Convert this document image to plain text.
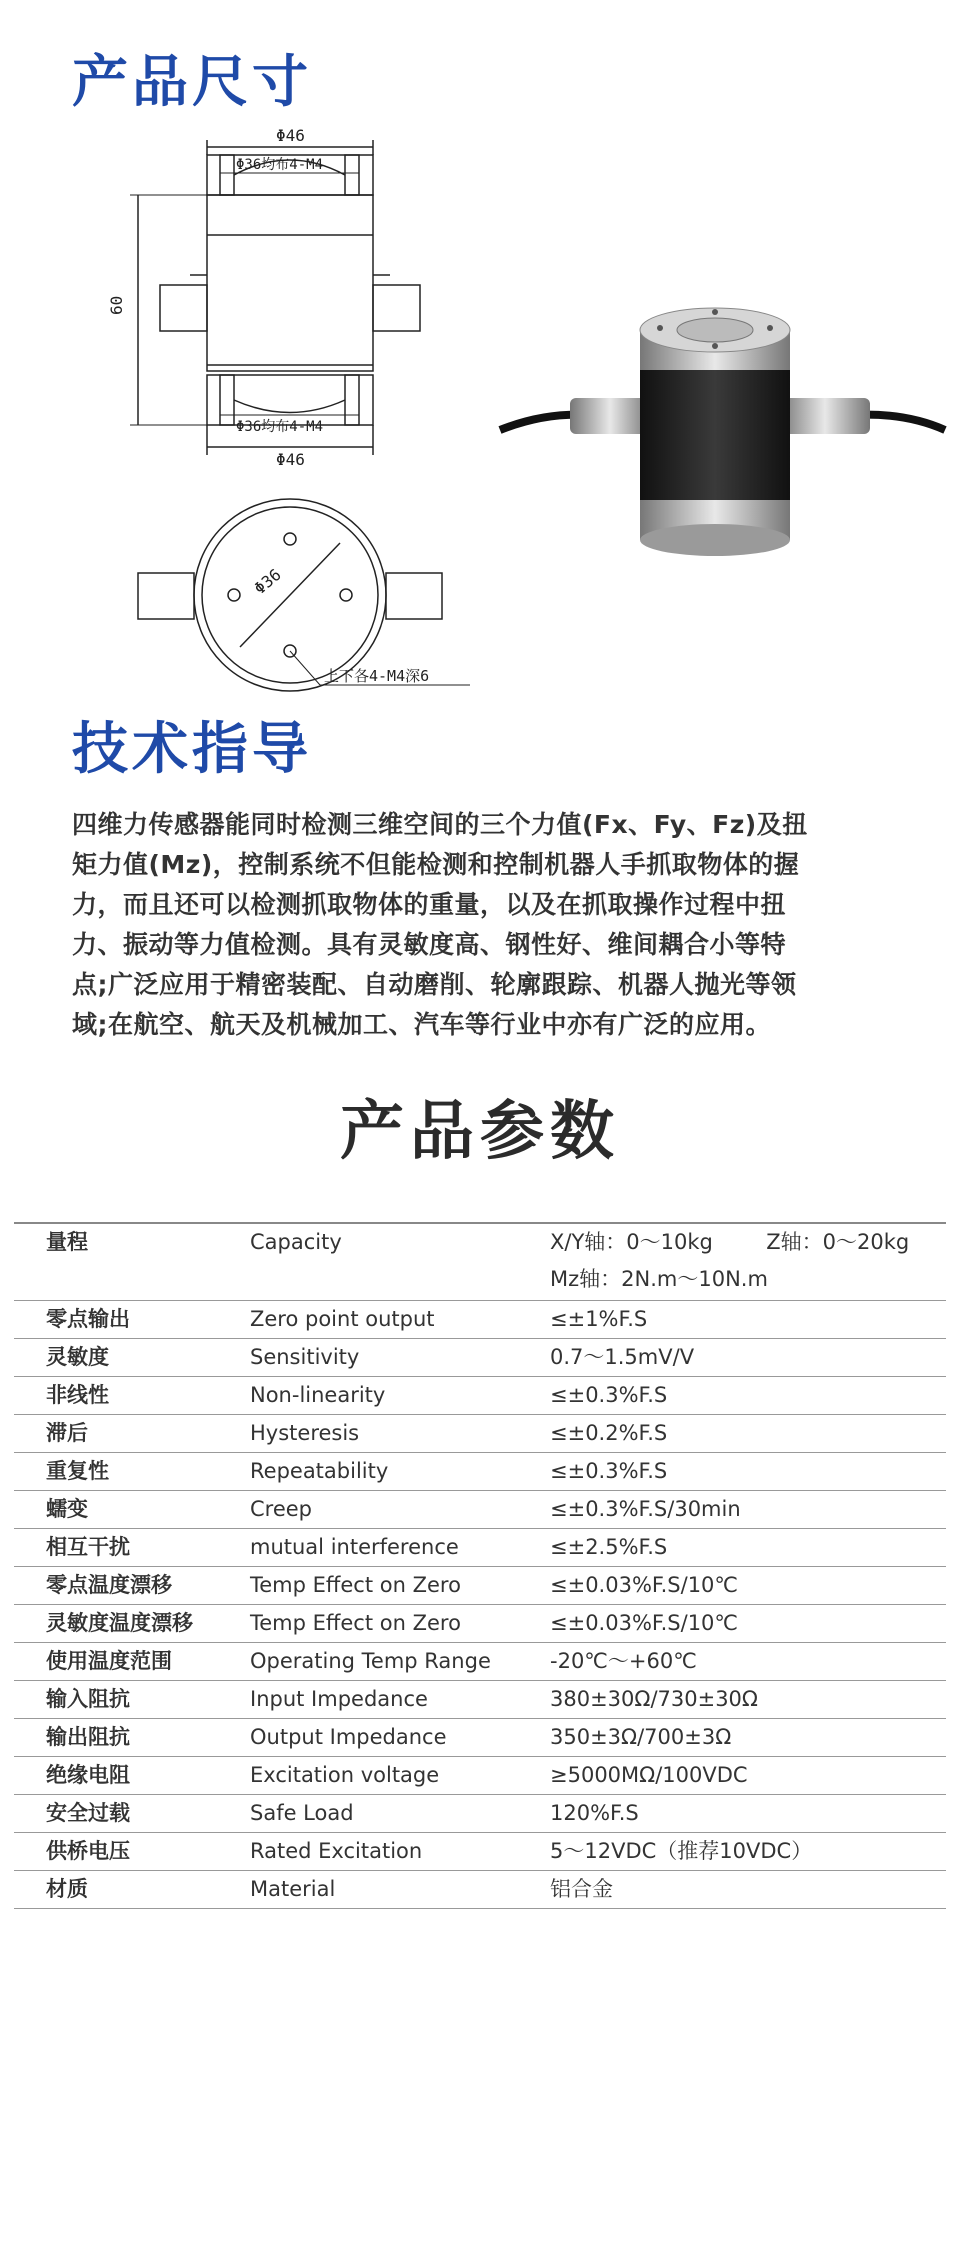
产品尺寸
Φ46
Φ36均布4-M4
60
Φ36均布4-M4
Φ46
Φ36
上下各4-M4深6
技术指导

四维力传感器能同时检测三维空间的三个力值(Fx、Fy、Fz)及扭

矩力值(Mz)，控制系统不但能检测和控制机器人手抓取物体的握

力，而且还可以检测抓取物体的重量，以及在抓取操作过程中扭

力、振动等力值检测。具有灵敏度高、钢性好、维间耦合小等特

点;广泛应用于精密装配、自动磨削、轮廓跟踪、机器人抛光等领

域;在航空、航天及机械加工、汽车等行业中亦有广泛的应用。

产品参数
量程	Capacity	X/Y轴：0～10kg        Z轴：0～20kg
Mz轴：2N.m～10N.m
零点输出	Zero point output	≤±1%F.S
灵敏度	Sensitivity	0.7～1.5mV/V
非线性	Non-linearity	≤±0.3%F.S
滞后	Hysteresis	≤±0.2%F.S
重复性	Repeatability	≤±0.3%F.S
蠕变	Creep	≤±0.3%F.S/30min
相互干扰	mutual interference	≤±2.5%F.S
零点温度漂移	Temp Effect on Zero	≤±0.03%F.S/10℃
灵敏度温度漂移	Temp Effect on Zero	≤±0.03%F.S/10℃
使用温度范围	Operating Temp Range	-20℃～+60℃
输入阻抗	Input Impedance	380±30Ω/730±30Ω
输出阻抗	Output Impedance	350±3Ω/700±3Ω
绝缘电阻	Excitation voltage	≥5000MΩ/100VDC
安全过载	Safe Load	120%F.S
供桥电压	Rated Excitation	5～12VDC（推荐10VDC）
材质	Material	铝合金
